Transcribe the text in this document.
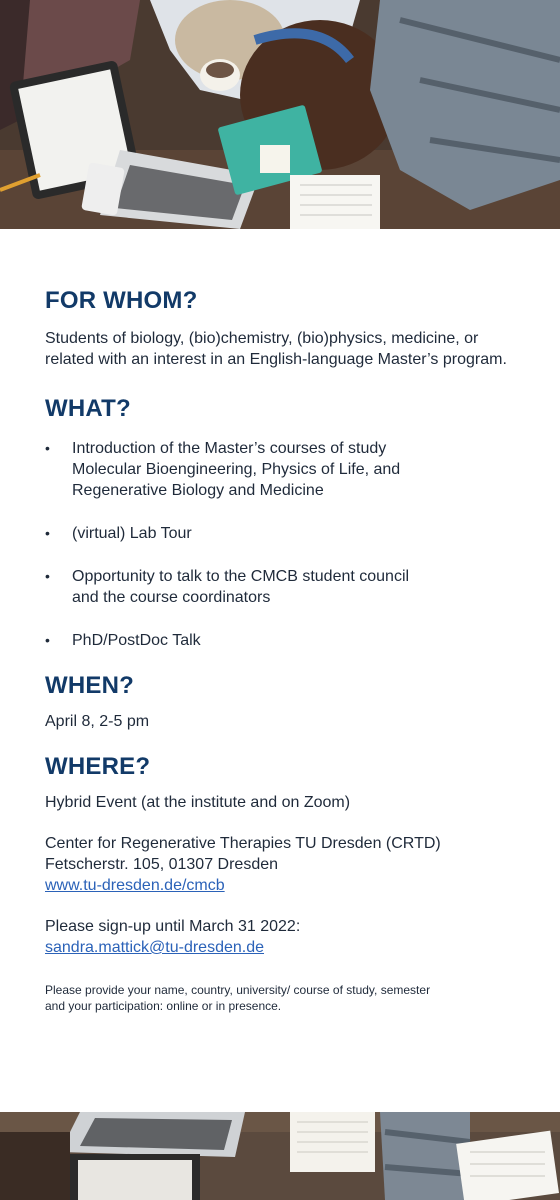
FOR WHOM?

Students of biology, (bio)chemistry, (bio)physics, medicine, or related with an interest in an English-language Master’s program.

WHAT?
• Introduction of the Master’s courses of study
Molecular Bioengineering, Physics of Life, and
Regenerative Biology and Medicine
• (virtual) Lab Tour
• Opportunity to talk to the CMCB student council
and the course coordinators
• PhD/PostDoc Talk
WHEN?

April 8, 2-5 pm

WHERE?

Hybrid Event (at the institute and on Zoom)

Center for Regenerative Therapies TU Dresden (CRTD)

Fetscherstr. 105, 01307 Dresden

www.tu-dresden.de/cmcb

Please sign-up until March 31 2022:

sandra.mattick@tu-dresden.de

Please provide your name, country, university/ course of study, semester
and your participation: online or in presence.
